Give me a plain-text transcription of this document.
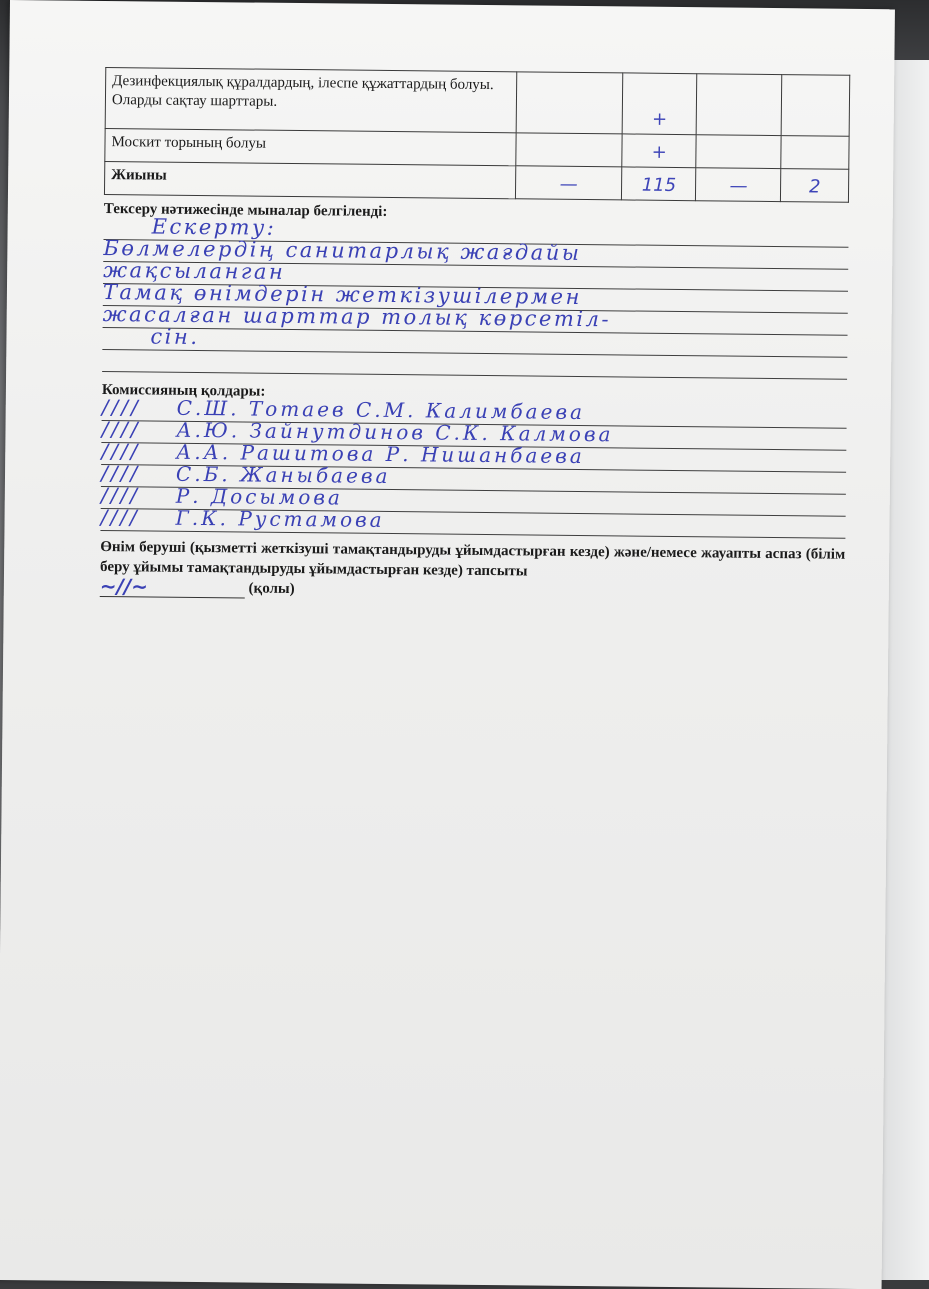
Дезинфекциялық құралдардың, ілеспе құжаттардың болуы. Оларды сақтау шарттары.		+		
Москит торының болуы		+		
Жиыны	—	115	—	2
Тексеру нәтижесінде мыналар белгіленді:
Ескерту:
Бөлмелердің санитарлық жағдайы
жақсыланган
Тамақ өнімдерін жеткізушілермен
жасалған шарттар толық көрсетіл-
сін.
Комиссияның қолдары:
∕∕∕∕ С.Ш. Тотаев С.М. Калимбаева
∕∕∕∕ А.Ю. Зайнутдинов С.К. Калмова
∕∕∕∕ А.А. Рашитова Р. Нишанбаева
∕∕∕∕ С.Б. Жаныбаева
∕∕∕∕ Р. Досымова
∕∕∕∕ Г.К. Рустамова
Өнім беруші (қызметті жеткізуші тамақтандыруды ұйымдастырған кезде) және/немесе жауапты аспаз (білім беру ұйымы тамақтандыруды ұйымдастырған кезде) тапсыты
~∕∕~	(қолы)
